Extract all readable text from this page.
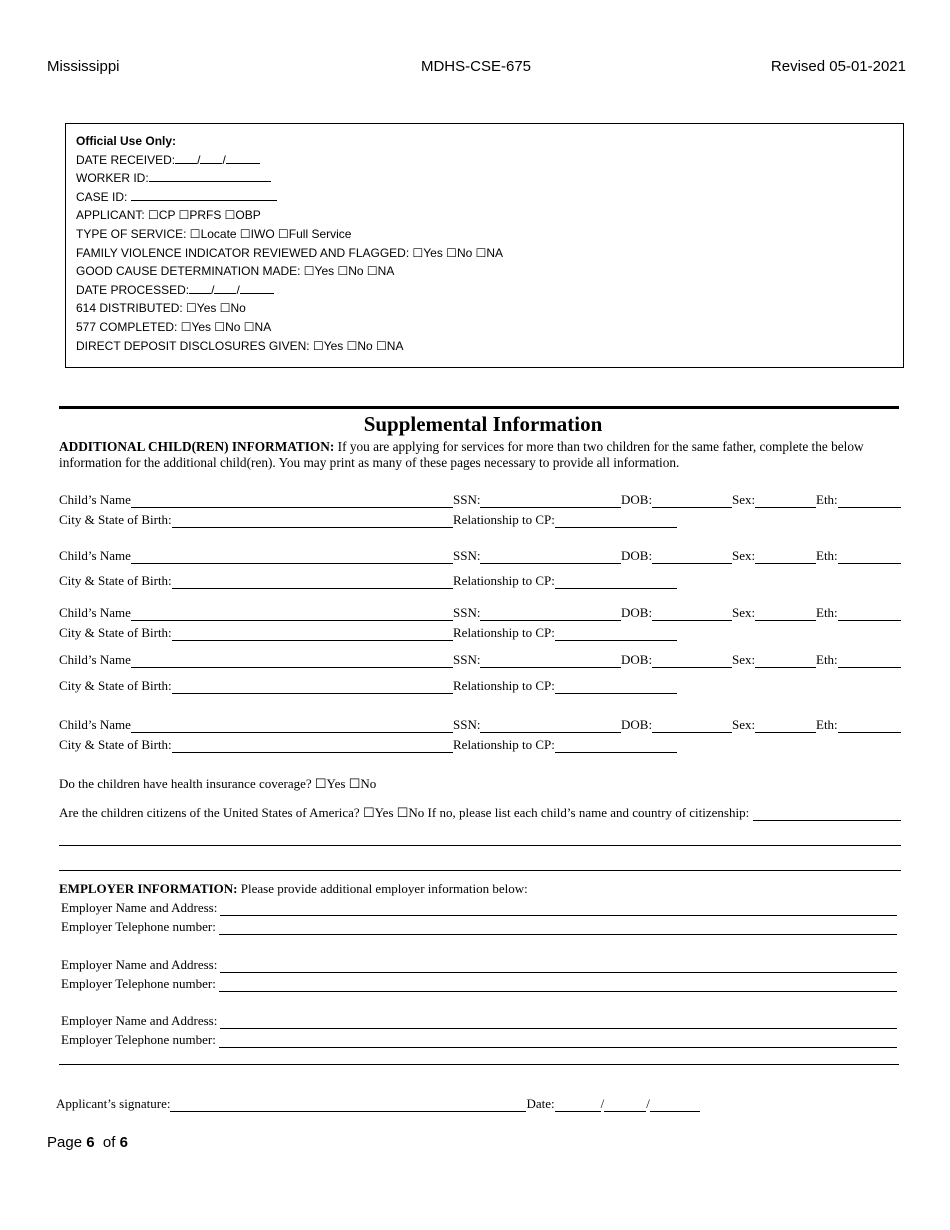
Mississippi	MDHS-CSE-675	Revised 05-01-2021
Official Use Only:
DATE RECEIVED: / /
WORKER ID:
CASE ID:
APPLICANT: ☐CP ☐PRFS ☐OBP
TYPE OF SERVICE: ☐Locate ☐IWO ☐Full Service
FAMILY VIOLENCE INDICATOR REVIEWED AND FLAGGED: ☐Yes ☐No ☐NA
GOOD CAUSE DETERMINATION MADE: ☐Yes ☐No ☐NA
DATE PROCESSED: / /
614 DISTRIBUTED: ☐Yes ☐No
577 COMPLETED: ☐Yes ☐No ☐NA
DIRECT DEPOSIT DISCLOSURES GIVEN: ☐Yes ☐No ☐NA
Supplemental Information
ADDITIONAL CHILD(REN) INFORMATION: If you are applying for services for more than two children for the same father, complete the below information for the additional child(ren). You may print as many of these pages necessary to provide all information.
Child’s Name	SSN:	DOB:	Sex:	Eth:
City & State of Birth:	Relationship to CP:
Child’s Name	SSN:	DOB:	Sex:	Eth:
City & State of Birth:	Relationship to CP:
Child’s Name	SSN:	DOB:	Sex:	Eth:
City & State of Birth:	Relationship to CP:
Child’s Name	SSN:	DOB:	Sex:	Eth:
City & State of Birth:	Relationship to CP:
Child’s Name	SSN:	DOB:	Sex:	Eth:
City & State of Birth:	Relationship to CP:
Do the children have health insurance coverage? ☐Yes ☐No
Are the children citizens of the United States of America? ☐Yes ☐No If no, please list each child’s name and country of citizenship:
EMPLOYER INFORMATION: Please provide additional employer information below:
Employer Name and Address:
Employer Telephone number:
Employer Name and Address:
Employer Telephone number:
Employer Name and Address:
Employer Telephone number:
Applicant’s signature:	Date:	/	/
Page 6  of 6
